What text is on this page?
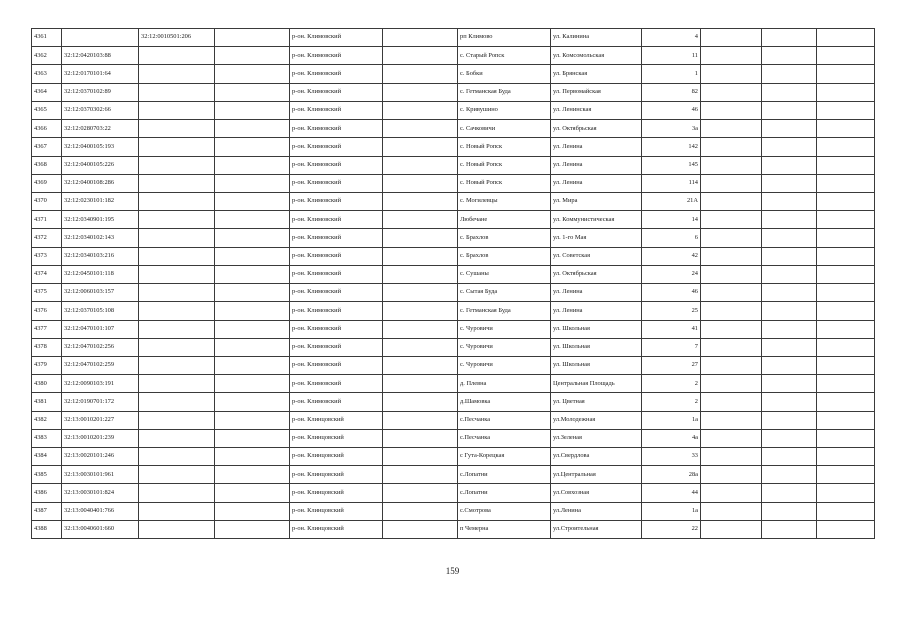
4361		32:12:0010501:206		р-он. Климовский		рп Климово	ул. Калинина	4			
4362	32:12:0420103:88			р-он. Климовский		с. Старый Ропск	ул. Комсомольская	11			
4363	32:12:0170101:64			р-он. Климовский		с. Бобки	ул. Брянская	1			
4364	32:12:0370102:89			р-он. Климовский		с. Гетманская Буда	ул. Первомайская	82			
4365	32:12:0370302:66			р-он. Климовский		с. Кривушино	ул. Ленинская	46			
4366	32:12:0280703:22			р-он. Климовский		с. Сачковичи	ул. Октябрьская	3а			
4367	32:12:0400105:193			р-он. Климовский		с. Новый Ропск	ул. Ленина	142			
4368	32:12:0400105:226			р-он. Климовский		с. Новый Ропск	ул. Ленина	145			
4369	32:12:0400108:286			р-он. Климовский		с. Новый Ропск	ул. Ленина	114			
4370	32:12:0230101:182			р-он. Климовский		с. Могилевцы	ул. Мира	21А			
4371	32:12:0340901:195			р-он. Климовский		Любечане	ул. Коммунистическая	14			
4372	32:12:0340102:143			р-он. Климовский		с. Брахлов	ул. 1-го Мая	6			
4373	32:12:0340103:216			р-он. Климовский		с. Брахлов	ул. Советская	42			
4374	32:12:0450101:118			р-он. Климовский		с. Сушаны	ул. Октябрьская	24			
4375	32:12:0060103:157			р-он. Климовский		с. Сытая Буда	ул. Ленина	46			
4376	32:12:0370105:108			р-он. Климовский		с. Гетманская Буда	ул. Ленина	25			
4377	32:12:0470101:107			р-он. Климовский		с. Чуровичи	ул. Школьная	41			
4378	32:12:0470102:256			р-он. Климовский		с. Чуровичи	ул. Школьная	7			
4379	32:12:0470102:259			р-он. Климовский		с. Чуровичи	ул. Школьная	27			
4380	32:12:0090103:191			р-он. Климовский		д. Плевна	Центральная Площадь	2			
4381	32:12:0190701:172			р-он. Климовский		д.Шамовка	ул. Цветная	2			
4382	32:13:0010201:227			р-он. Клинцовский		с.Песчанка	ул.Молодежная	1а			
4383	32:13:0010201:239			р-он. Клинцовский		с.Песчанка	ул.Зеленая	4а			
4384	32:13:0020101:246			р-он. Клинцовский		с Гута-Корецкая	ул.Свердлова	33			
4385	32:13:0030101:961			р-он. Клинцовский		с.Лопатни	ул.Центральная	28а			
4386	32:13:0030101:824			р-он. Клинцовский		с.Лопатни	ул.Совхозная	44			
4387	32:13:0040401:766			р-он. Клинцовский		с.Смотрова	ул.Ленина	1а			
4388	32:13:0040601:660			р-он. Клинцовский		п Чемерна	ул.Строительная	22			
159
